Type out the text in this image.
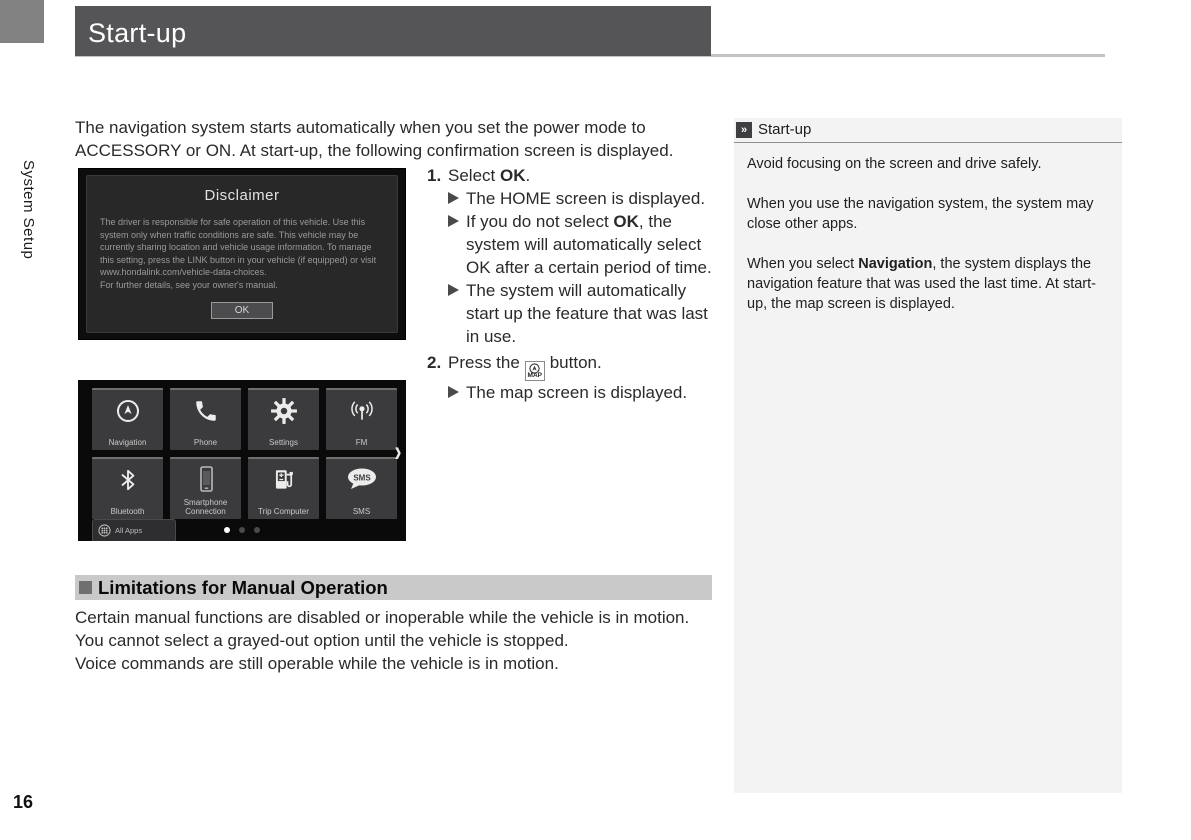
System Setup
16
Start-up
The navigation system starts automatically when you set the power mode to ACCESSORY or ON. At start-up, the following confirmation screen is displayed.
Disclaimer
The driver is responsible for safe operation of this vehicle. Use this
system only when traffic conditions are safe. This vehicle may be
currently sharing location and vehicle usage information. To manage
this setting, press the LINK button in your vehicle (if equipped) or visit
www.hondalink.com/vehicle-data-choices.
For further details, see your owner's manual.
OK
1. Select OK.
The HOME screen is displayed.
If you do not select OK, the system will automatically select OK after a certain period of time.
The system will automatically start up the feature that was last in use.
2. Press the
MAP
button.
The map screen is displayed.
Navigation	Phone	Settings	FM
Bluetooth
Smartphone Connection	Trip Computer
SMS
SMS
All Apps
›
Limitations for Manual Operation
Certain manual functions are disabled or inoperable while the vehicle is in motion.
You cannot select a grayed-out option until the vehicle is stopped.
Voice commands are still operable while the vehicle is in motion.
» Start-up

Avoid focusing on the screen and drive safely.

When you use the navigation system, the system may close other apps.

When you select Navigation, the system displays the navigation feature that was used the last time. At start-up, the map screen is displayed.
